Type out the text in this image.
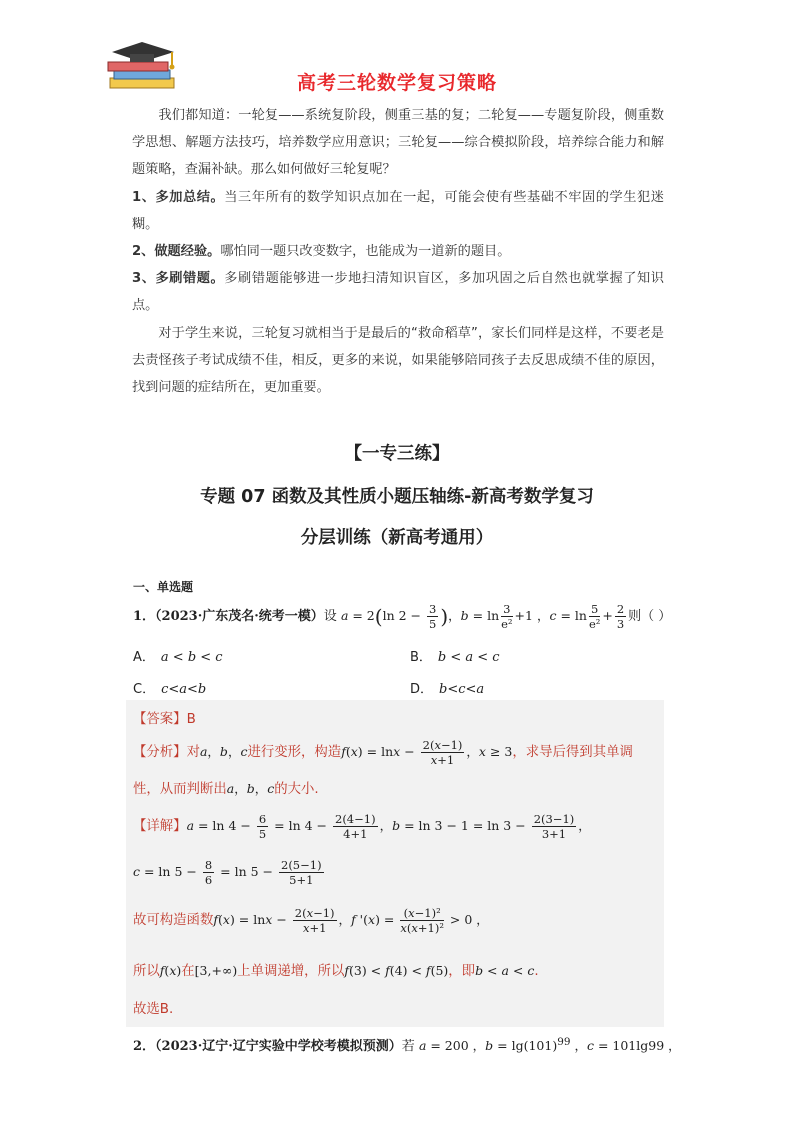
高考三轮数学复习策略

我们都知道：一轮复——系统复阶段，侧重三基的复；二轮复——专题复阶段，侧重数学思想、解题方法技巧，培养数学应用意识；三轮复——综合模拟阶段，培养综合能力和解题策略，查漏补缺。那么如何做好三轮复呢？

1、多加总结。当三年所有的数学知识点加在一起，可能会使有些基础不牢固的学生犯迷糊。

2、做题经验。哪怕同一题只改变数字，也能成为一道新的题目。

3、多刷错题。多刷错题能够进一步地扫清知识盲区，多加巩固之后自然也就掌握了知识点。

对于学生来说，三轮复习就相当于是最后的“救命稻草”，家长们同样是这样，不要老是去责怪孩子考试成绩不佳，相反，更多的来说，如果能够陪同孩子去反思成绩不佳的原因，找到问题的症结所在，更加重要。

【一专三练】
专题 07 函数及其性质小题压轴练-新高考数学复习
分层训练（新高考通用）
一、单选题
1．（2023·广东茂名·统考一模）设 a = 2(ln $2 - \frac{3}{5}$ )，$b = \ln \frac{3}{\text{e²}} +1$ ，$c = \ln \frac{5}{\text{e²}} + \frac{2}{3}$ 则（ ）
A． a < b < c	B． b < a < c
C． c<a<b	D． b<c<a
【答案】B
【分析】对a，b，c进行变形，构造$f(x) = \ln x - \frac{2(x-1)}{x+1}$ ，x ≥ 3，求导后得到其单调
性，从而判断出a，b，c的大小.
【详解】$a = \ln 4 - \frac{6}{5} = \ln 4 - \frac{2(4-1)}{4+1}$ ，$b = \ln 3 - 1 = \ln 3 - \frac{2(3-1)}{3+1}$ ，
$c = \ln 5 - \frac{8}{6} = \ln 5 - \frac{2(5-1)}{5+1}$
故可构造函数$f(x) = \ln x - \frac{2(x-1)}{x+1}$ ，f '$(x) = \frac{\text{(x−1)²}}{\text{x(x+1)²}} > 0$ ，
所以f(x)在[3,+∞)上单调递增，所以f(3) < f(4) < f(5)，即b < a < c.
故选B.
2．（2023·辽宁·辽宁实验中学校考模拟预测）若 a = 200 ，$b = \lg(101)^{99}$ ，c = 101lg99 ，
